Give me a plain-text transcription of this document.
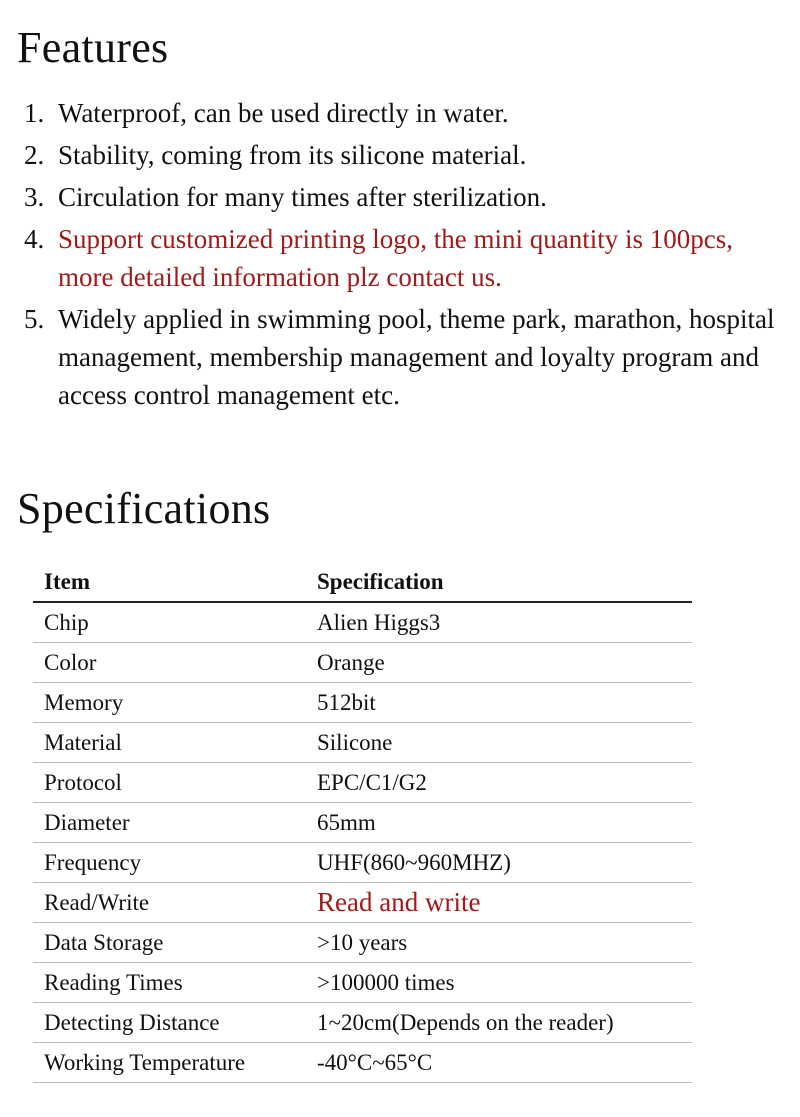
Features
1. Waterproof, can be used directly in water.
2. Stability, coming from its silicone material.
3. Circulation for many times after sterilization.
4. Support customized printing logo, the mini quantity is 100pcs, more detailed information plz contact us.
5. Widely applied in swimming pool, theme park, marathon, hospital management, membership management and loyalty program and access control management etc.
Specifications
Item	Specification
Chip	Alien Higgs3
Color	Orange
Memory	512bit
Material	Silicone
Protocol	EPC/C1/G2
Diameter	65mm
Frequency	UHF(860~960MHZ)
Read/Write	Read and write
Data Storage	>10 years
Reading Times	>100000 times
Detecting Distance	1~20cm(Depends on the reader)
Working Temperature	-40°C~65°C
